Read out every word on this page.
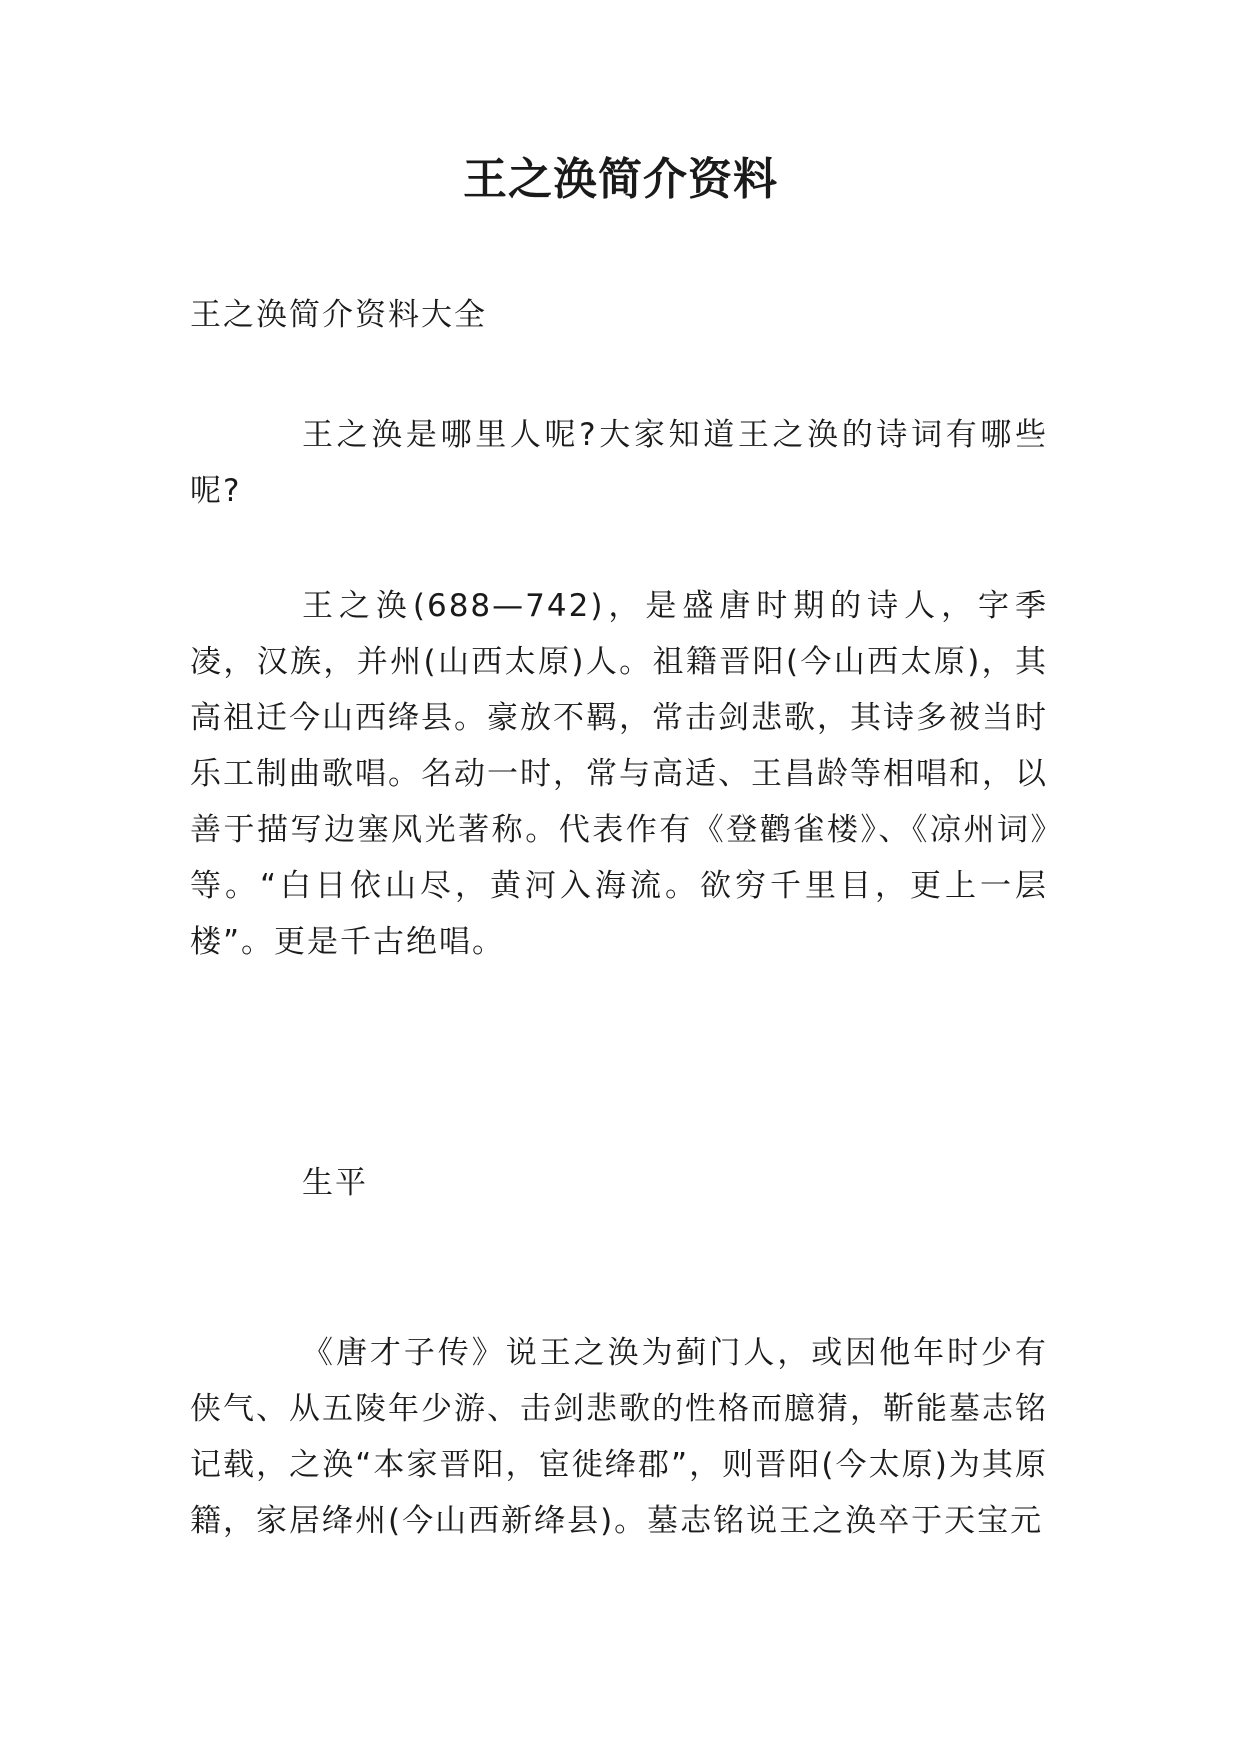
王之涣简介资料

王之涣简介资料大全

王之涣是哪里人呢?大家知道王之涣的诗词有哪些呢?

王之涣(688—742)，是盛唐时期的诗人，字季凌，汉族，并州(山西太原)人。祖籍晋阳(今山西太原)，其高祖迁今山西绛县。豪放不羁，常击剑悲歌，其诗多被当时乐工制曲歌唱。名动一时，常与高适、王昌龄等相唱和，以善于描写边塞风光著称。代表作有《登鹳雀楼》、《凉州词》等。“白日依山尽，黄河入海流。欲穷千里目，更上一层楼”。更是千古绝唱。

生平

《唐才子传》说王之涣为蓟门人，或因他年时少有侠气、从五陵年少游、击剑悲歌的性格而臆猜，靳能墓志铭记载，之涣“本家晋阳，宦徙绛郡”，则晋阳(今太原)为其原籍，家居绛州(今山西新绛县)。墓志铭说王之涣卒于天宝元
